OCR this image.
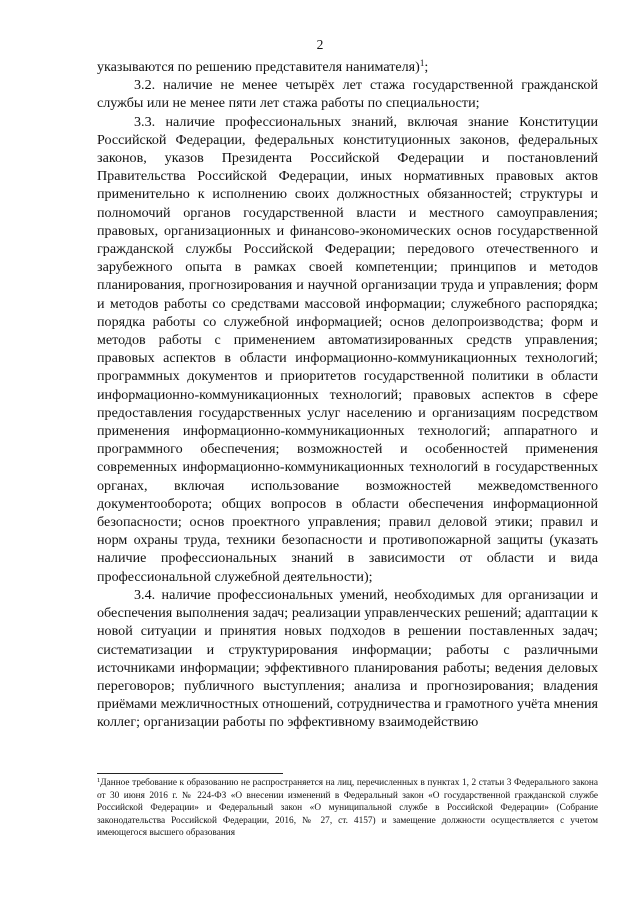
2

указываются по решению представителя нанимателя)$^1$;

3.2. наличие не менее четырёх лет стажа государственной гражданской службы или не менее пяти лет стажа работы по специальности;

3.3. наличие профессиональных знаний, включая знание Конституции Российской Федерации, федеральных конституционных законов, федеральных законов, указов Президента Российской Федерации и постановлений Правительства Российской Федерации, иных нормативных правовых актов применительно к исполнению своих должностных обязанностей; структуры и полномочий органов государственной власти и местного самоуправления; правовых, организационных и финансово-экономических основ государственной гражданской службы Российской Федерации; передового отечественного и зарубежного опыта в рамках своей компетенции; принципов и методов планирования, прогнозирования и научной организации труда и управления; форм и методов работы со средствами массовой информации; служебного распорядка; порядка работы со служебной информацией; основ делопроизводства; форм и методов работы с применением автоматизированных средств управления; правовых аспектов в области информационно-коммуникационных технологий; программных документов и приоритетов государственной политики в области информационно-коммуникационных технологий; правовых аспектов в сфере предоставления государственных услуг населению и организациям посредством применения информационно-коммуникационных технологий; аппаратного и программного обеспечения; возможностей и особенностей применения современных информационно-коммуникационных технологий в государственных органах, включая использование возможностей межведомственного документооборота; общих вопросов в области обеспечения информационной безопасности; основ проектного управления; правил деловой этики; правил и норм охраны труда, техники безопасности и противопожарной защиты (указать наличие профессиональных знаний в зависимости от области и вида профессиональной служебной деятельности);

3.4. наличие профессиональных умений, необходимых для организации и обеспечения выполнения задач; реализации управленческих решений; адаптации к новой ситуации и принятия новых подходов в решении поставленных задач; систематизации и структурирования информации; работы с различными источниками информации; эффективного планирования работы; ведения деловых переговоров; публичного выступления; анализа и прогнозирования; владения приёмами межличностных отношений, сотрудничества и грамотного учёта мнения коллег; организации работы по эффективному взаимодействию

$^1$Данное требование к образованию не распространяется на лиц, перечисленных в пунктах 1, 2 статьи 3 Федерального закона от 30 июня 2016 г. № 224-ФЗ «О внесении изменений в Федеральный закон «О государственной гражданской службе Российской Федерации» и Федеральный закон «О муниципальной службе в Российской Федерации» (Собрание законодательства Российской Федерации, 2016, № 27, ст. 4157) и замещение должности осуществляется с учетом имеющегося высшего образования
